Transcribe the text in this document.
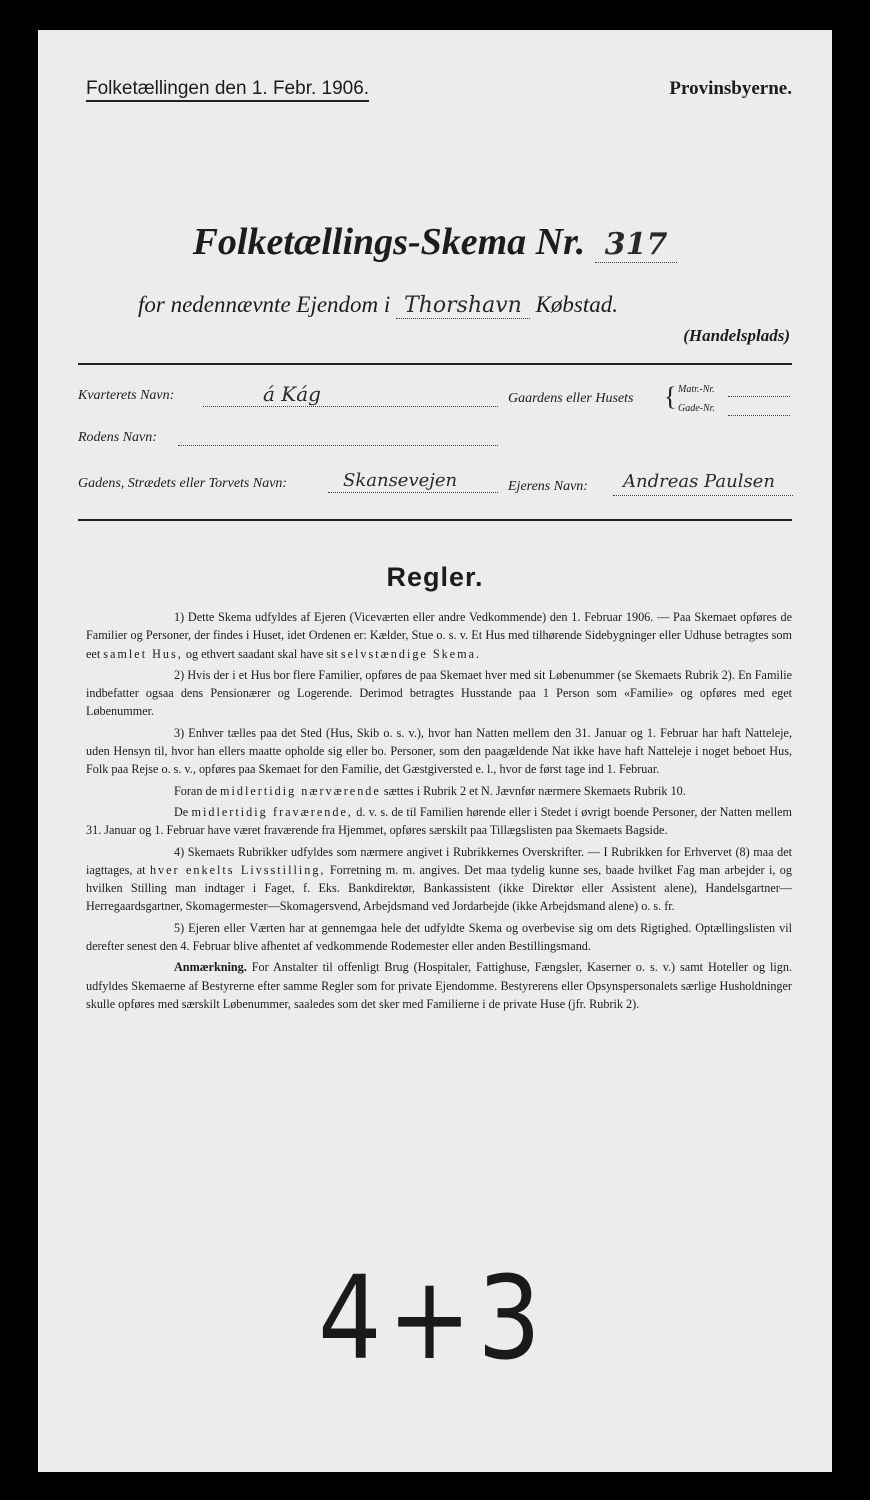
Folketællingen den 1. Febr. 1906.	Provinsbyerne.
Folketællings-Skema Nr. 317
for nedennævnte Ejendom i Thorshavn Købstad.
(Handelsplads)
Kvarterets Navn:	á Kág	Gaardens eller Husets { Matr.-Nr.
Gade-Nr.
Rodens Navn:
Gadens, Strædets eller Torvets Navn:	Skansevejen	Ejerens Navn: Andreas Paulsen
Regler.

1) Dette Skema udfyldes af Ejeren (Viceværten eller andre Vedkommende) den 1. Februar 1906. — Paa Skemaet opføres de Familier og Personer, der findes i Huset, idet Ordenen er: Kælder, Stue o. s. v. Et Hus med tilhørende Sidebygninger eller Udhuse betragtes som eet samlet Hus, og ethvert saadant skal have sit selvstændige Skema.

2) Hvis der i et Hus bor flere Familier, opføres de paa Skemaet hver med sit Løbenummer (se Skemaets Rubrik 2). En Familie indbefatter ogsaa dens Pensionærer og Logerende. Derimod betragtes Husstande paa 1 Person som «Familie» og opføres med eget Løbenummer.

3) Enhver tælles paa det Sted (Hus, Skib o. s. v.), hvor han Natten mellem den 31. Januar og 1. Februar har haft Natteleje, uden Hensyn til, hvor han ellers maatte opholde sig eller bo. Personer, som den paagældende Nat ikke have haft Natteleje i noget beboet Hus, Folk paa Rejse o. s. v., opføres paa Skemaet for den Familie, det Gæstgiversted e. l., hvor de først tage ind 1. Februar.

Foran de midlertidig nærværende sættes i Rubrik 2 et N. Jævnfør nærmere Skemaets Rubrik 10.

De midlertidig fraværende, d. v. s. de til Familien hørende eller i Stedet i øvrigt boende Personer, der Natten mellem 31. Januar og 1. Februar have været fraværende fra Hjemmet, opføres særskilt paa Tillægslisten paa Skemaets Bagside.

4) Skemaets Rubrikker udfyldes som nærmere angivet i Rubrikkernes Overskrifter. — I Rubrikken for Erhvervet (8) maa det iagttages, at hver enkelts Livsstilling, Forretning m. m. angives. Det maa tydelig kunne ses, baade hvilket Fag man arbejder i, og hvilken Stilling man indtager i Faget, f. Eks. Bankdirektør, Bankassistent (ikke Direktør eller Assistent alene), Handelsgartner—Herregaardsgartner, Skomagermester—Skomagersvend, Arbejdsmand ved Jordarbejde (ikke Arbejdsmand alene) o. s. fr.

5) Ejeren eller Værten har at gennemgaa hele det udfyldte Skema og overbevise sig om dets Rigtighed. Optællingslisten vil derefter senest den 4. Februar blive afhentet af vedkommende Rodemester eller anden Bestillingsmand.

Anmærkning. For Anstalter til offenligt Brug (Hospitaler, Fattighuse, Fængsler, Kaserner o. s. v.) samt Hoteller og lign. udfyldes Skemaerne af Bestyrerne efter samme Regler som for private Ejendomme. Bestyrerens eller Opsynspersonalets særlige Husholdninger skulle opføres med særskilt Løbenummer, saaledes som det sker med Familierne i de private Huse (jfr. Rubrik 2).

4+3
